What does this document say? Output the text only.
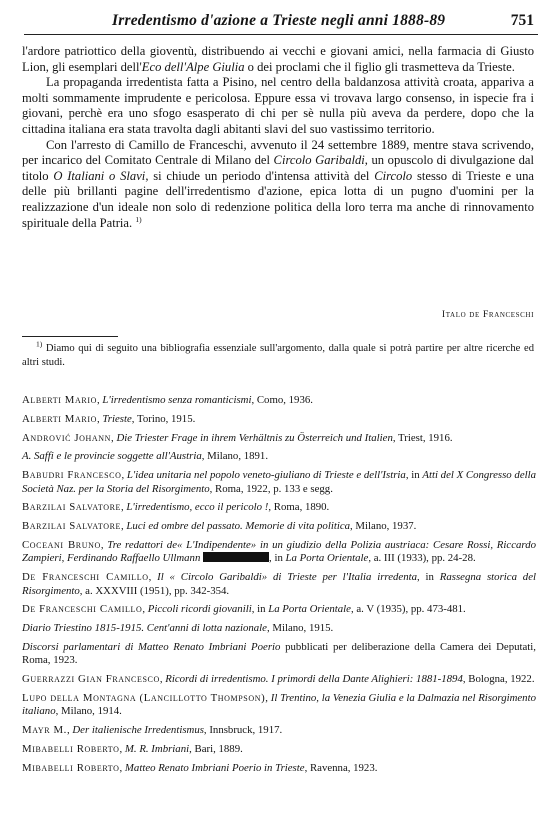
Irredentismo d'azione a Trieste negli anni 1888-89	751

l'ardore patriottico della gioventù, distribuendo ai vecchi e giovani amici, nella farmacia di Giusto Lion, gli esemplari dell'Eco dell'Alpe Giulia o dei proclami che il figlio gli trasmetteva da Trieste.

La propaganda irredentista fatta a Pisino, nel centro della baldanzosa attività croata, appariva a molti sommamente imprudente e pericolosa. Eppure essa vi trovava largo consenso, in ispecie fra i giovani, perchè era uno sfogo esasperato di chi per sè nulla più aveva da perdere, dopo che la cittadina italiana era stata travolta dagli abitanti slavi del suo vastissimo territorio.

Con l'arresto di Camillo de Franceschi, avvenuto il 24 settembre 1889, mentre stava scrivendo, per incarico del Comitato Centrale di Milano del Circolo Garibaldi, un opuscolo di divulgazione dal titolo O Italiani o Slavi, si chiude un periodo d'intensa attività del Circolo stesso di Trieste e una delle più brillanti pagine dell'irredentismo d'azione, epica lotta di un pugno d'uomini per la realizzazione d'un ideale non solo di redenzione politica della loro terra ma anche di rinnovamento spirituale della Patria. $^{1)}$

Italo de Franceschi
$^{1)}$ Diamo qui di seguito una bibliografia essenziale sull'argomento, dalla quale si potrà partire per altre ricerche ed altri studi.

Alberti Mario, L'irredentismo senza romanticismi, Como, 1936.

Alberti Mario, Trieste, Torino, 1915.

Andrović Johann, Die Triester Frage in ihrem Verhältnis zu Österreich und Italien, Triest, 1916.

A. Saffi e le provincie soggette all'Austria, Milano, 1891.

Babudri Francesco, L'idea unitaria nel popolo veneto-giuliano di Trieste e dell'Istria, in Atti del X Congresso della Società Naz. per la Storia del Risorgimento, Roma, 1922, p. 133 e segg.

Barzilai Salvatore, L'irredentismo, ecco il pericolo !, Roma, 1890.

Barzilai Salvatore, Luci ed ombre del passato. Memorie di vita politica, Milano, 1937.

Coceani Bruno, Tre redattori de« L'Indipendente» in un giudizio della Polizia austriaca: Cesare Rossi, Riccardo Zampieri, Ferdinando Raffaello Ullmann	, in La Porta Orientale, a. III (1933), pp. 24-28.

De Franceschi Camillo, Il « Circolo Garibaldi» di Trieste per l'Italia irredenta, in Rassegna storica del Risorgimento, a. XXXVIII (1951), pp. 342-354.

De Franceschi Camillo, Piccoli ricordi giovanili, in La Porta Orientale, a. V (1935), pp. 473-481.

Diario Triestino 1815-1915. Cent'anni di lotta nazionale, Milano, 1915.

Discorsi parlamentari di Matteo Renato Imbriani Poerio pubblicati per deliberazione della Camera dei Deputati, Roma, 1923.

Guerrazzi Gian Francesco, Ricordi di irredentismo. I primordi della Dante Alighieri: 1881-1894, Bologna, 1922.

Lupo della Montagna (Lancillotto Thompson), Il Trentino, la Venezia Giulia e la Dalmazia nel Risorgimento italiano, Milano, 1914.

Mayr M., Der italienische Irredentismus, Innsbruck, 1917.

Mibabelli Roberto, M. R. Imbriani, Bari, 1889.

Mibabelli Roberto, Matteo Renato Imbriani Poerio in Trieste, Ravenna, 1923.
